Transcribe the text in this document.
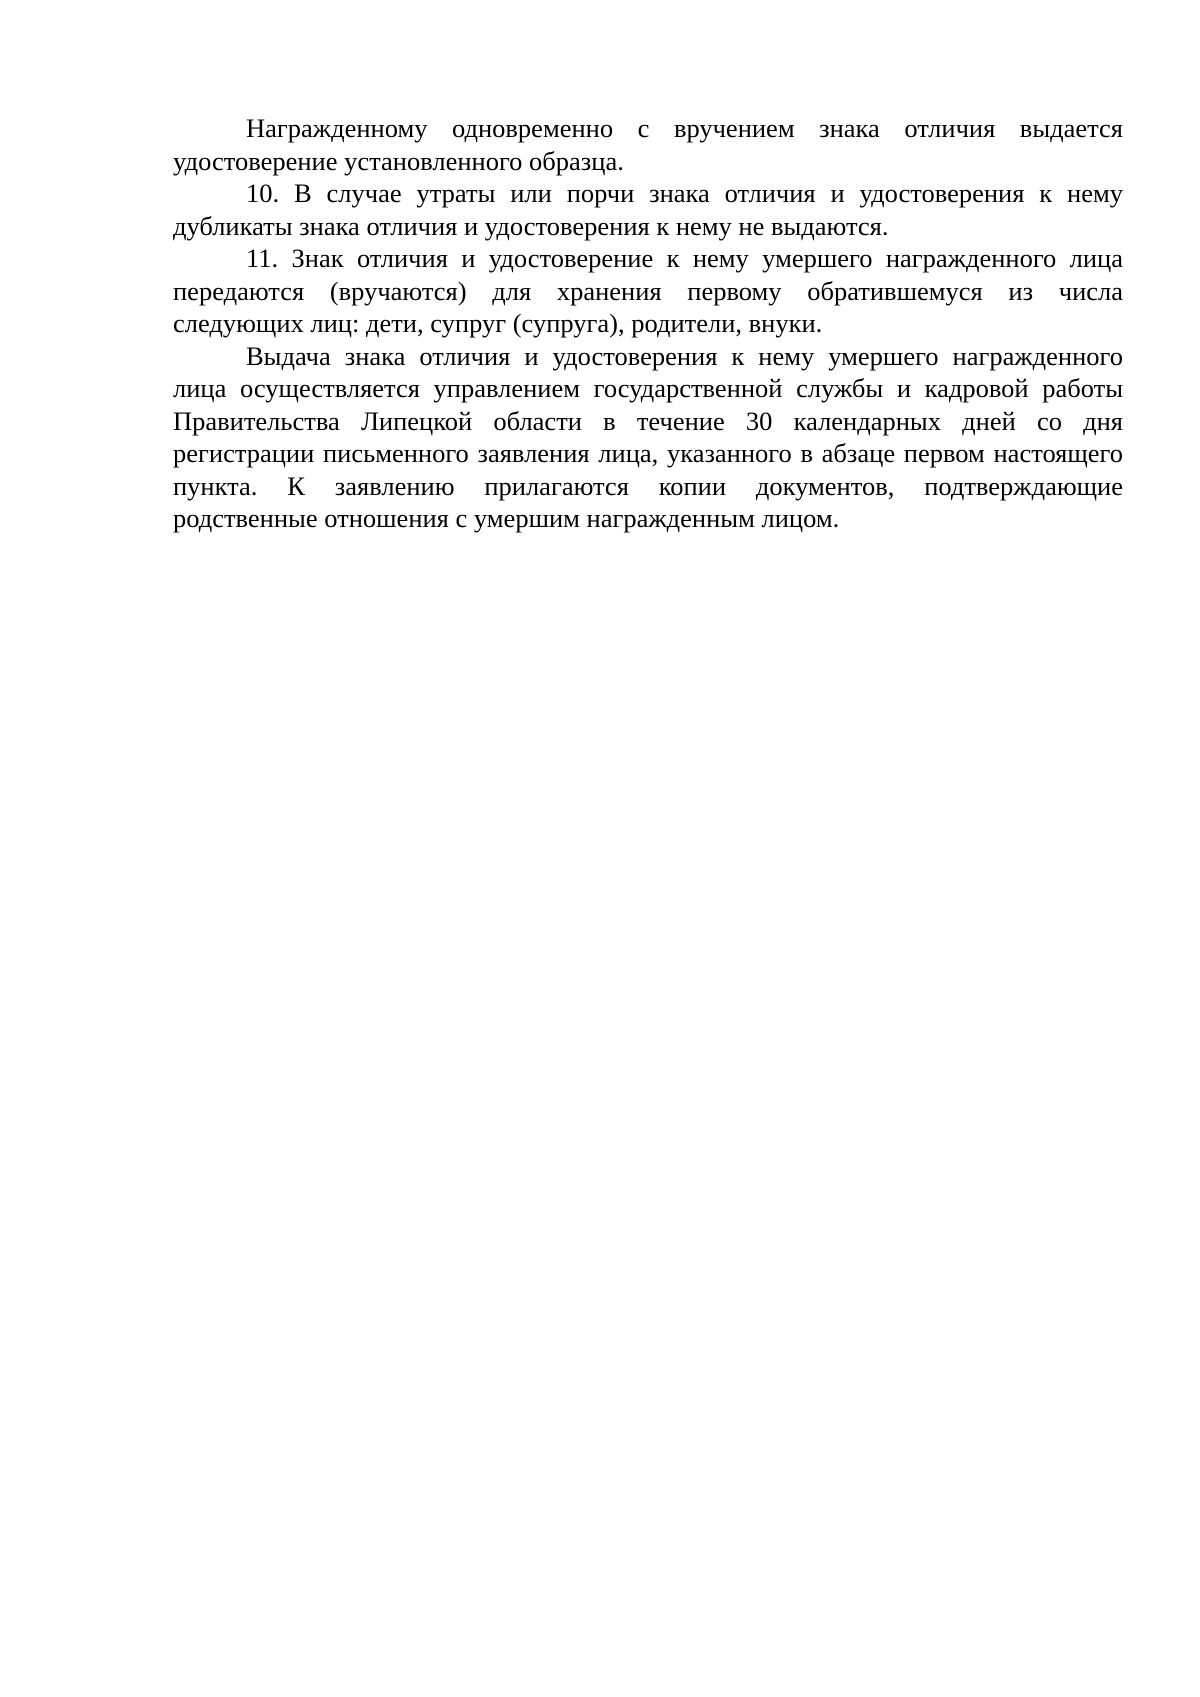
Награжденному одновременно с вручением знака отличия выдается удостоверение установленного образца.

10. В случае утраты или порчи знака отличия и удостоверения к нему дубликаты знака отличия и удостоверения к нему не выдаются.

11. Знак отличия и удостоверение к нему умершего награжденного лица передаются (вручаются) для хранения первому обратившемуся из числа следующих лиц: дети, супруг (супруга), родители, внуки.

Выдача знака отличия и удостоверения к нему умершего награжденного лица осуществляется управлением государственной службы и кадровой работы Правительства Липецкой области в течение 30 календарных дней со дня регистрации письменного заявления лица, указанного в абзаце первом настоящего пункта. К заявлению прилагаются копии документов, подтверждающие родственные отношения с умершим награжденным лицом.
